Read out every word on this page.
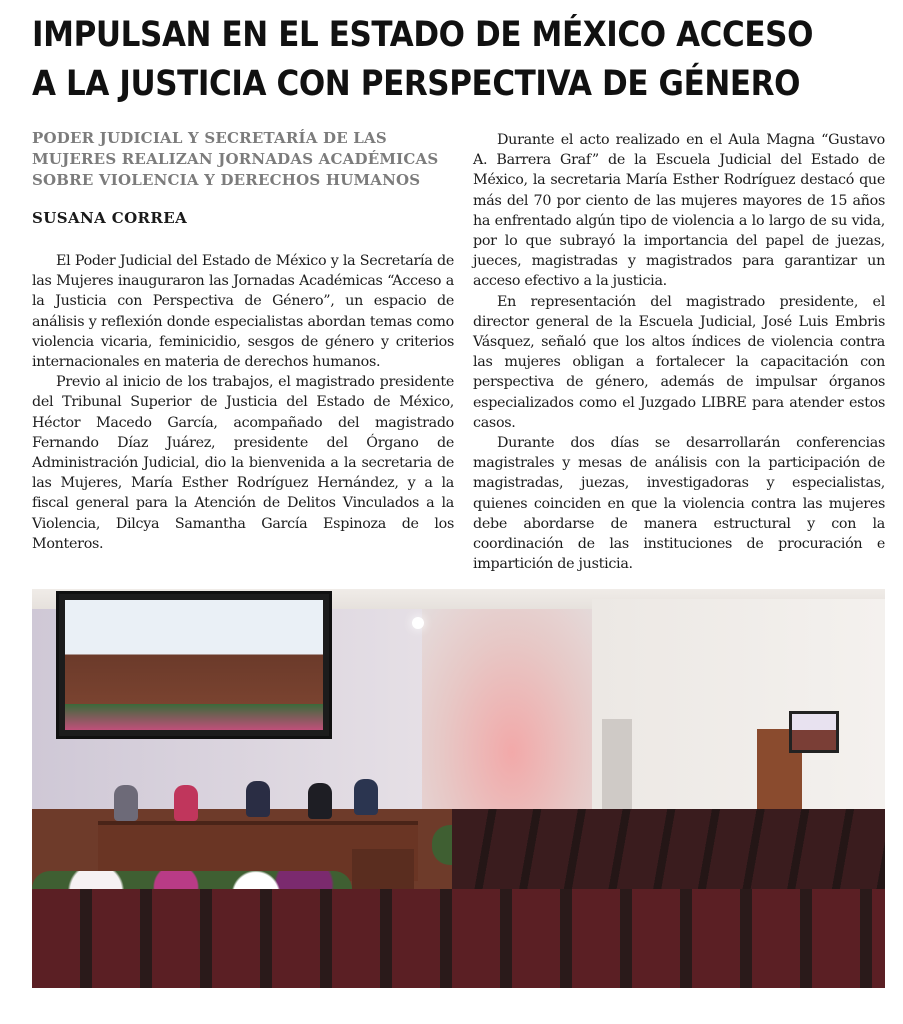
IMPULSAN EN EL ESTADO DE MÉXICO ACCESO
A LA JUSTICIA CON PERSPECTIVA DE GÉNERO
PODER JUDICIAL Y SECRETARÍA DE LAS MUJERES REALIZAN JORNADAS ACADÉMICAS SOBRE VIOLENCIA Y DERECHOS HUMANOS
SUSANA CORREA

El Poder Judicial del Estado de México y la Secretaría de las Mujeres inauguraron las Jornadas Académicas “Acceso a la Justicia con Perspectiva de Género”, un espacio de análisis y reflexión donde especialistas abordan temas como violencia vicaria, feminicidio, sesgos de género y criterios internacionales en materia de derechos humanos.

Previo al inicio de los trabajos, el magistrado presidente del Tribunal Superior de Justicia del Estado de México, Héctor Macedo García, acompañado del magistrado Fernando Díaz Juárez, presidente del Órgano de Administración Judicial, dio la bienvenida a la secretaria de las Mujeres, María Esther Rodríguez Hernández, y a la fiscal general para la Atención de Delitos Vinculados a la Violencia, Dilcya Samantha García Espinoza de los Monteros.

Durante el acto realizado en el Aula Magna “Gustavo A. Barrera Graf” de la Escuela Judicial del Estado de México, la secretaria María Esther Rodríguez destacó que más del 70 por ciento de las mujeres mayores de 15 años ha enfrentado algún tipo de violencia a lo largo de su vida, por lo que subrayó la importancia del papel de juezas, jueces, magistradas y magistrados para garantizar un acceso efectivo a la justicia.

En representación del magistrado presidente, el director general de la Escuela Judicial, José Luis Embris Vásquez, señaló que los altos índices de violencia contra las mujeres obligan a fortalecer la capacitación con perspectiva de género, además de impulsar órganos especializados como el Juzgado LIBRE para atender estos casos.

Durante dos días se desarrollarán conferencias magistrales y mesas de análisis con la participación de magistradas, juezas, investigadoras y especialistas, quienes coinciden en que la violencia contra las mujeres debe abordarse de manera estructural y con la coordinación de las instituciones de procuración e impartición de justicia.
